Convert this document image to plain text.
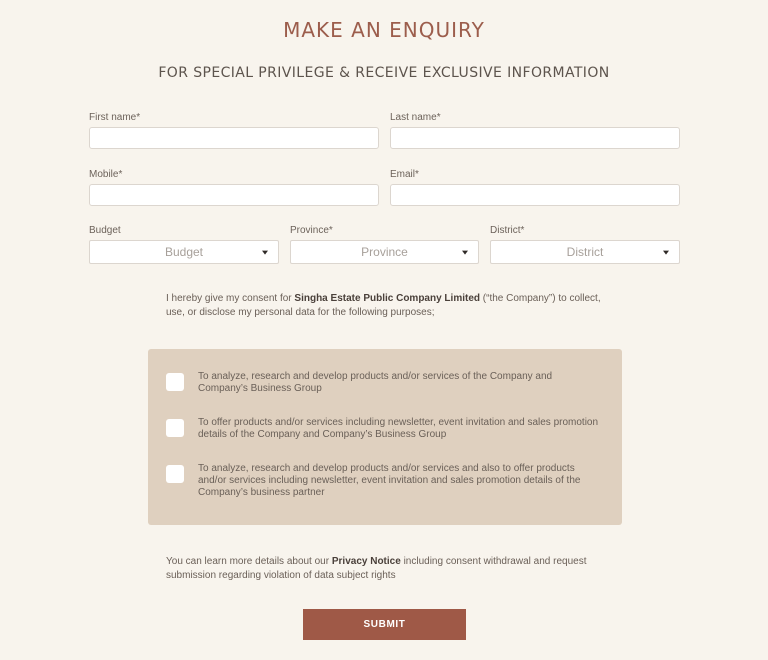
MAKE AN ENQUIRY
FOR SPECIAL PRIVILEGE & RECEIVE EXCLUSIVE INFORMATION
First name*	Last name*
Mobile*	Email*
Budget
Budget
Province*
Province
District*
District
I hereby give my consent for Singha Estate Public Company Limited (“the Company”) to collect, use, or disclose my personal data for the following purposes;
To analyze, research and develop products and/or services of the Company and Company’s Business Group
To offer products and/or services including newsletter, event invitation and sales promotion details of the Company and Company’s Business Group
To analyze, research and develop products and/or services and also to offer products and/or services including newsletter, event invitation and sales promotion details of the Company’s business partner
You can learn more details about our Privacy Notice including consent withdrawal and request submission regarding violation of data subject rights
SUBMIT
